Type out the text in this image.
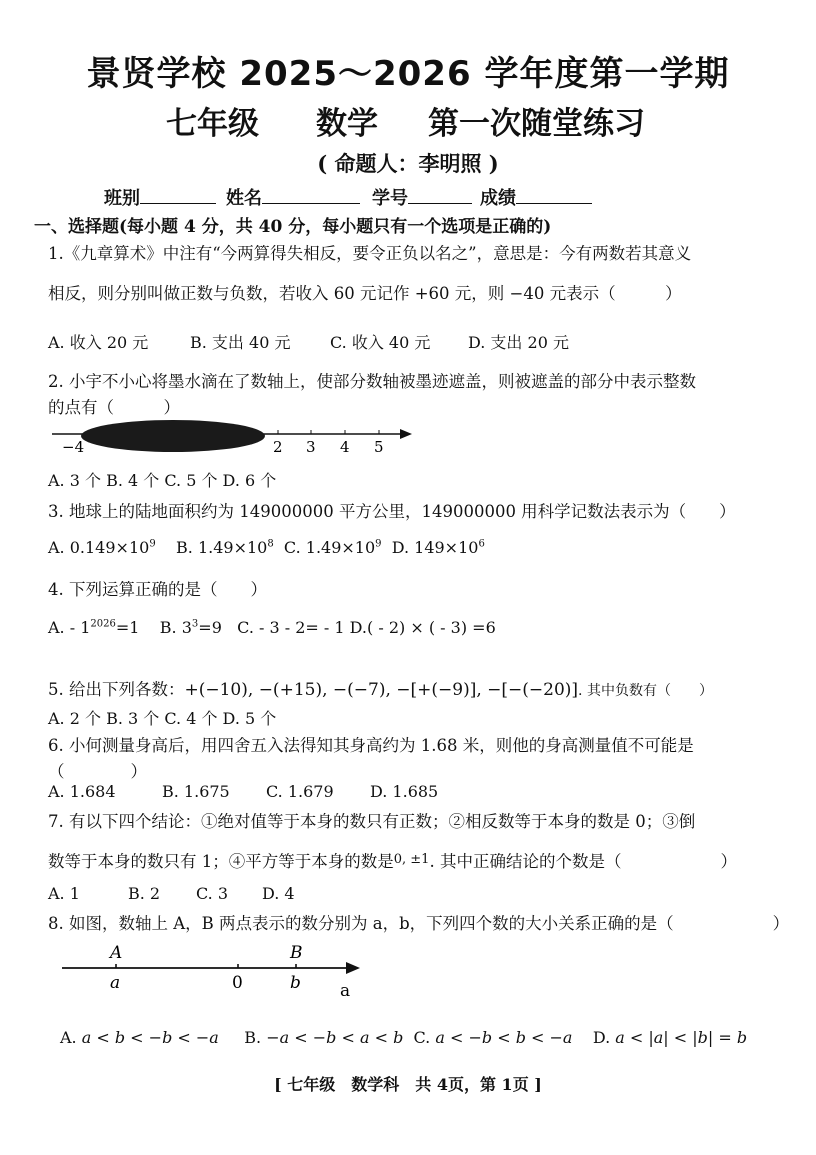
景贤学校 2025～2026 学年度第一学期
七年级 数学 第一次随堂练习
( 命题人：李明照 )
班别	姓名	学号	成绩
一、选择题(每小题 4 分，共 40 分，每小题只有一个选项是正确的)
1.《九章算术》中注有“今两算得失相反，要令正负以名之”，意思是：今有两数若其意义
相反，则分别叫做正数与负数，若收入 60 元记作 +60 元，则 −40 元表示（　　　）
A. 收入 20 元	B. 支出 40 元 C. 收入 40 元 D. 支出 20 元
2. 小宇不小心将墨水滴在了数轴上，使部分数轴被墨迹遮盖，则被遮盖的部分中表示整数
的点有（　　　）
−4	2 3 4 5
A. 3 个 B. 4 个 C. 5 个 D. 6 个
3. 地球上的陆地面积约为 149000000 平方公里，149000000 用科学记数法表示为（　　）
A. $0.149\times 10^9$ B. $1.49\times 10^8$ C. $1.49\times 10^9$ D. $149\times 10^6$
4. 下列运算正确的是（　　）
A. - $1^{2026}=1$ B. $3^3=9$ C. - 3 - 2= - 1 D.( - 2) × ( - 3) =6
5. 给出下列各数：+(−10), −(+15), −(−7), −[+(−9)], −[−(−20)]. 其中负数有（　　）
A. 2 个 B. 3 个 C. 4 个 D. 5 个
6. 小何测量身高后，用四舍五入法得知其身高约为 1.68 米，则他的身高测量值不可能是
（　　　　）
A. 1.684	B. 1.675 C. 1.679 D. 1.685
7. 有以下四个结论：①绝对值等于本身的数只有正数；②相反数等于本身的数是 0；③倒
数等于本身的数只有 1；④平方等于本身的数是$^{0, \pm 1}$. 其中正确结论的个数是（　　　　　　）
A. 1	B. 2 C. 3 D. 4
8. 如图，数轴上 A，B 两点表示的数分别为 a，b，下列四个数的大小关系正确的是（　　　　　　）
A
a	0
B
b a
A. a < b < −b < −a B. −a < −b < a < b C. a < −b < b < −a D. a < |a| < |b| = b
[ 七年级　数学科　共 4页，第 1页 ]
